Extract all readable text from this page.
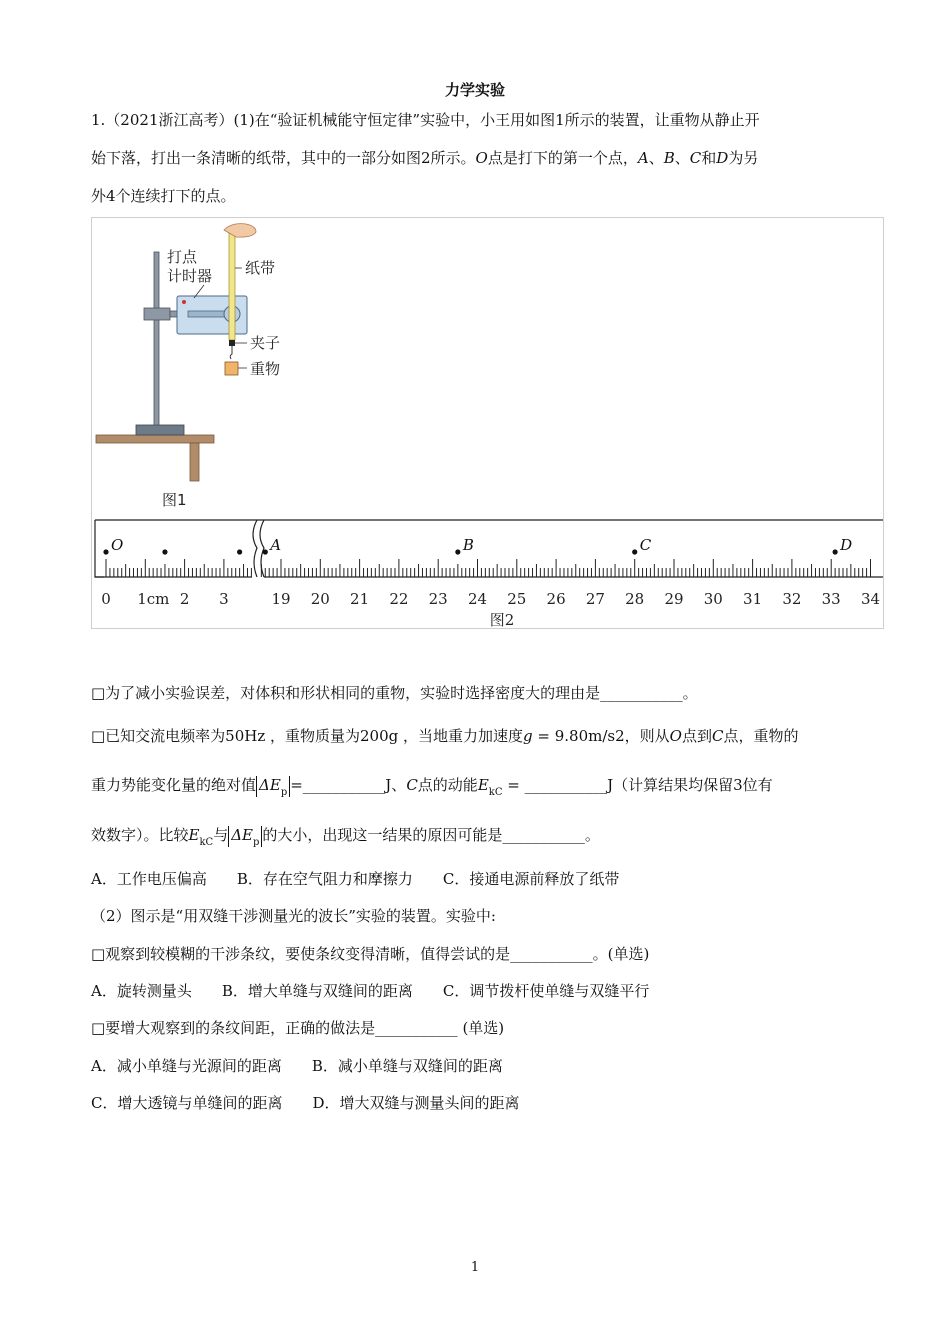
力学实验
1.（2021浙江高考）(1)在“验证机械能守恒定律”实验中，小王用如图1所示的装置，让重物从静止开
始下落，打出一条清晰的纸带，其中的一部分如图2所示。O点是打下的第一个点，A、B、C和D为另
外4个连续打下的点。
打点
计时器 纸带
夹子
重物
图1
0 1cm 2 3	19 20 21 22 23 24 25 26 27 28 29 30 31 32 33 34
O	A	B	C	D
图2
□为了减小实验误差，对体积和形状相同的重物，实验时选择密度大的理由是___________。
□已知交流电频率为50Hz ，重物质量为200g ，当地重力加速度g = 9.80m/s2，则从O点到C点，重物的
重力势能变化量的绝对值 $\Delta E_p$ =___________J、C点的动能$E_{kC}$ = ___________J（计算结果均保留3位有
效数字）。比较$E_{kC}$与 $\Delta E_p$ 的大小，出现这一结果的原因可能是___________。
A．工作电压偏高　　B．存在空气阻力和摩擦力　　C．接通电源前释放了纸带
（2）图示是“用双缝干涉测量光的波长”实验的装置。实验中:
□观察到较模糊的干涉条纹，要使条纹变得清晰，值得尝试的是___________。(单选)
A．旋转测量头　　B．增大单缝与双缝间的距离　　C．调节拨杆使单缝与双缝平行
□要增大观察到的条纹间距，正确的做法是___________ (单选)
A．减小单缝与光源间的距离　　B．减小单缝与双缝间的距离
C．增大透镜与单缝间的距离　　D．增大双缝与测量头间的距离
1
